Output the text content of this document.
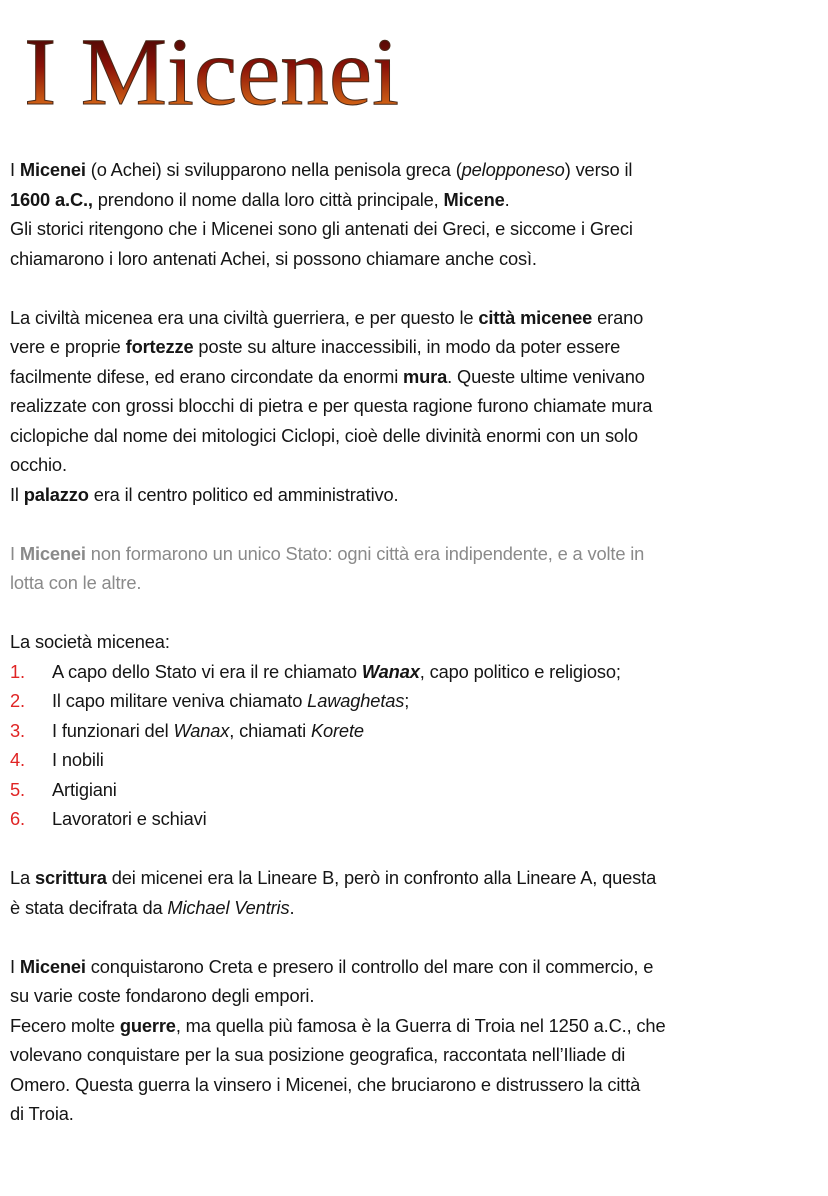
I Micenei
I Micenei (o Achei) si svilupparono nella penisola greca (pelopponeso) verso il
1600 a.C., prendono il nome dalla loro città principale, Micene.
Gli storici ritengono che i Micenei sono gli antenati dei Greci, e siccome i Greci
chiamarono i loro antenati Achei, si possono chiamare anche così.
La civiltà micenea era una civiltà guerriera, e per questo le città micenee erano
vere e proprie fortezze poste su alture inaccessibili, in modo da poter essere
facilmente difese, ed erano circondate da enormi mura. Queste ultime venivano
realizzate con grossi blocchi di pietra e per questa ragione furono chiamate mura
ciclopiche dal nome dei mitologici Ciclopi, cioè delle divinità enormi con un solo
occhio.
Il palazzo era il centro politico ed amministrativo.
I Micenei non formarono un unico Stato: ogni città era indipendente, e a volte in
lotta con le altre.
La società micenea:
1. A capo dello Stato vi era il re chiamato Wanax, capo politico e religioso;
2. Il capo militare veniva chiamato Lawaghetas;
3. I funzionari del Wanax, chiamati Korete
4. I nobili
5. Artigiani
6. Lavoratori e schiavi
La scrittura dei micenei era la Lineare B, però in confronto alla Lineare A, questa
è stata decifrata da Michael Ventris.
I Micenei conquistarono Creta e presero il controllo del mare con il commercio, e
su varie coste fondarono degli empori.
Fecero molte guerre, ma quella più famosa è la Guerra di Troia nel 1250 a.C., che
volevano conquistare per la sua posizione geografica, raccontata nell’Iliade di
Omero. Questa guerra la vinsero i Micenei, che bruciarono e distrussero la città
di Troia.
